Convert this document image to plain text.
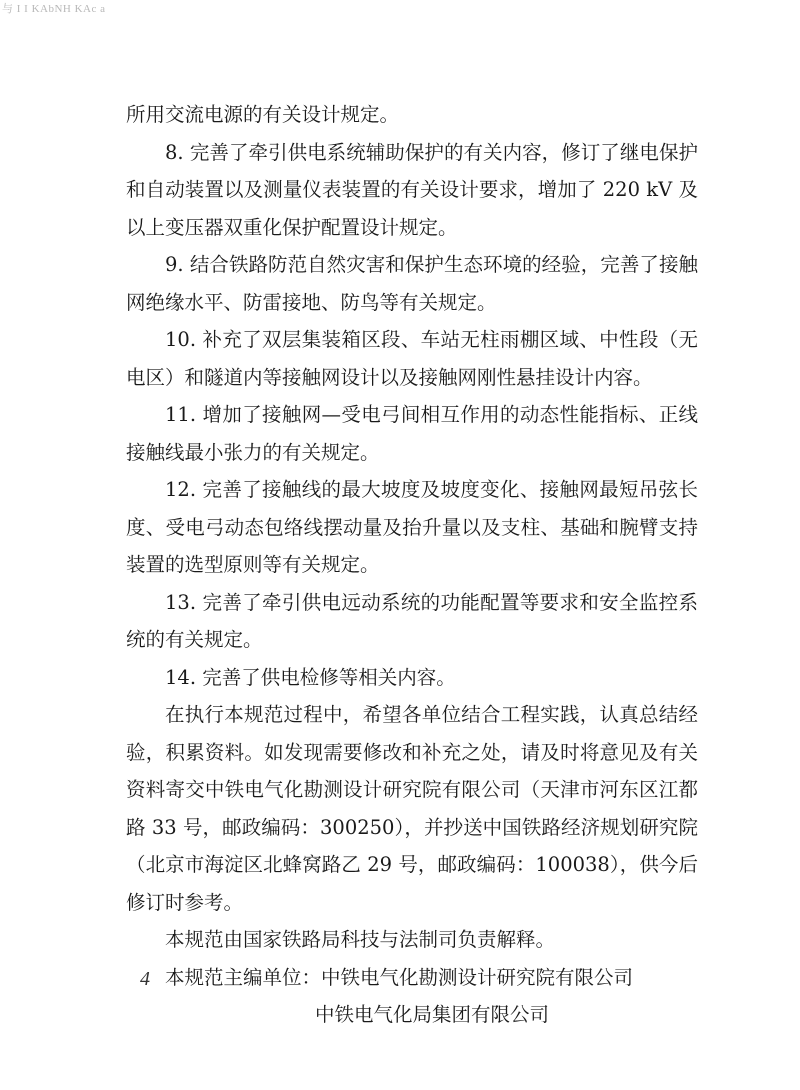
与 I I KAbNH KAc a

所用交流电源的有关设计规定。

8. 完善了牵引供电系统辅助保护的有关内容，修订了继电保护和自动装置以及测量仪表装置的有关设计要求，增加了 220 kV 及以上变压器双重化保护配置设计规定。

9. 结合铁路防范自然灾害和保护生态环境的经验，完善了接触网绝缘水平、防雷接地、防鸟等有关规定。

10. 补充了双层集装箱区段、车站无柱雨棚区域、中性段（无电区）和隧道内等接触网设计以及接触网刚性悬挂设计内容。

11. 增加了接触网—受电弓间相互作用的动态性能指标、正线接触线最小张力的有关规定。

12. 完善了接触线的最大坡度及坡度变化、接触网最短吊弦长度、受电弓动态包络线摆动量及抬升量以及支柱、基础和腕臂支持装置的选型原则等有关规定。

13. 完善了牵引供电远动系统的功能配置等要求和安全监控系统的有关规定。

14. 完善了供电检修等相关内容。

在执行本规范过程中，希望各单位结合工程实践，认真总结经验，积累资料。如发现需要修改和补充之处，请及时将意见及有关资料寄交中铁电气化勘测设计研究院有限公司（天津市河东区江都路 33 号，邮政编码：300250），并抄送中国铁路经济规划研究院（北京市海淀区北蜂窝路乙 29 号，邮政编码：100038），供今后修订时参考。

本规范由国家铁路局科技与法制司负责解释。

本规范主编单位：中铁电气化勘测设计研究院有限公司

中铁电气化局集团有限公司

4
